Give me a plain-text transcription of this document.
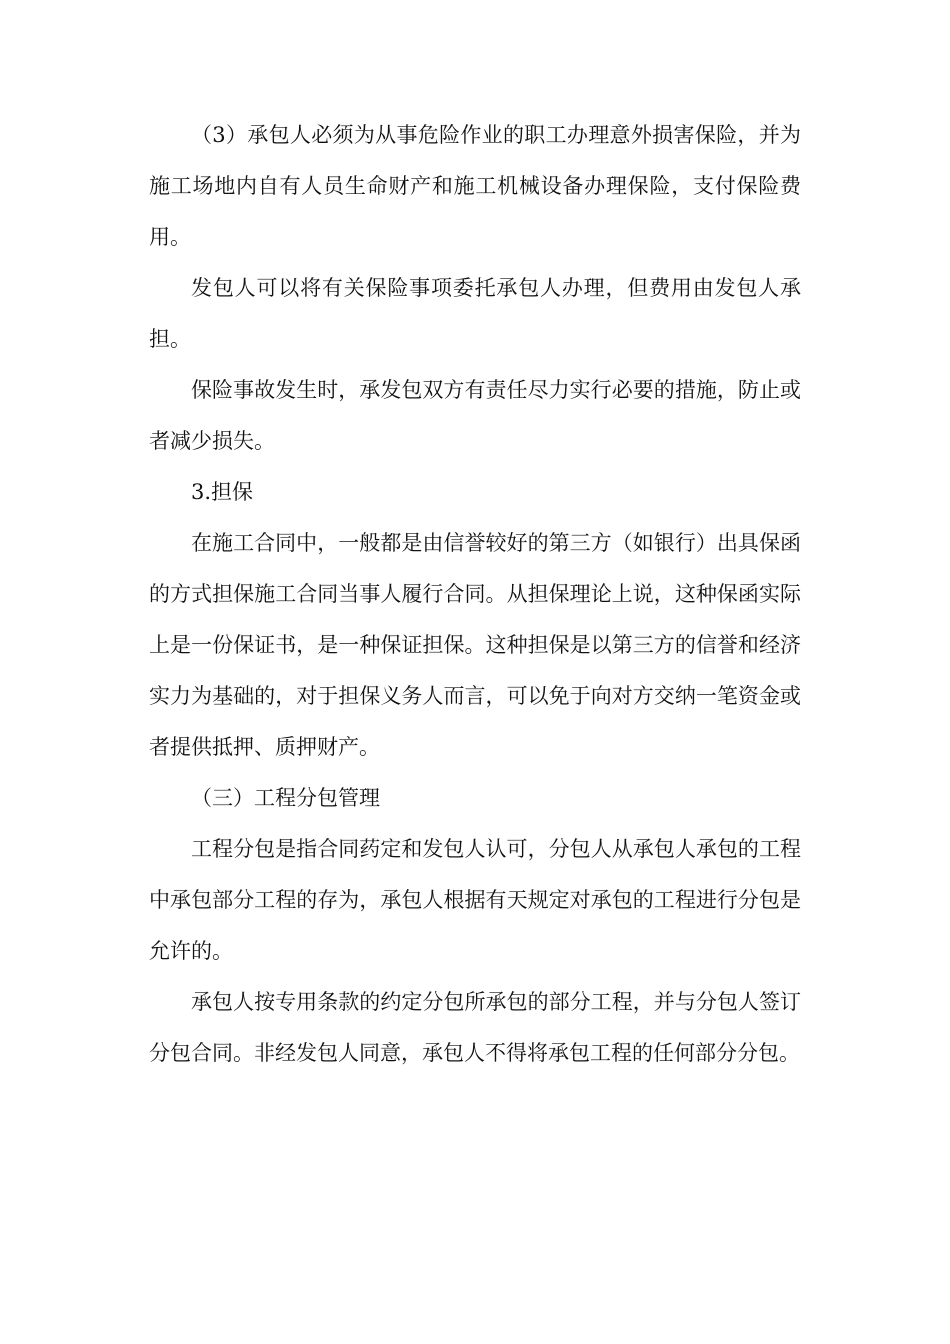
（3）承包人必须为从事危险作业的职工办理意外损害保险，并为施工场地内自有人员生命财产和施工机械设备办理保险，支付保险费用。

发包人可以将有关保险事项委托承包人办理，但费用由发包人承担。

保险事故发生时，承发包双方有责任尽力实行必要的措施，防止或者减少损失。

3.担保

在施工合同中，一般都是由信誉较好的第三方（如银行）出具保函的方式担保施工合同当事人履行合同。从担保理论上说，这种保函实际上是一份保证书，是一种保证担保。这种担保是以第三方的信誉和经济实力为基础的，对于担保义务人而言，可以免于向对方交纳一笔资金或者提供抵押、质押财产。

（三）工程分包管理

工程分包是指合同药定和发包人认可，分包人从承包人承包的工程中承包部分工程的存为，承包人根据有天规定对承包的工程进行分包是允许的。

承包人按专用条款的约定分包所承包的部分工程，并与分包人签订分包合同。非经发包人同意，承包人不得将承包工程的任何部分分包。
